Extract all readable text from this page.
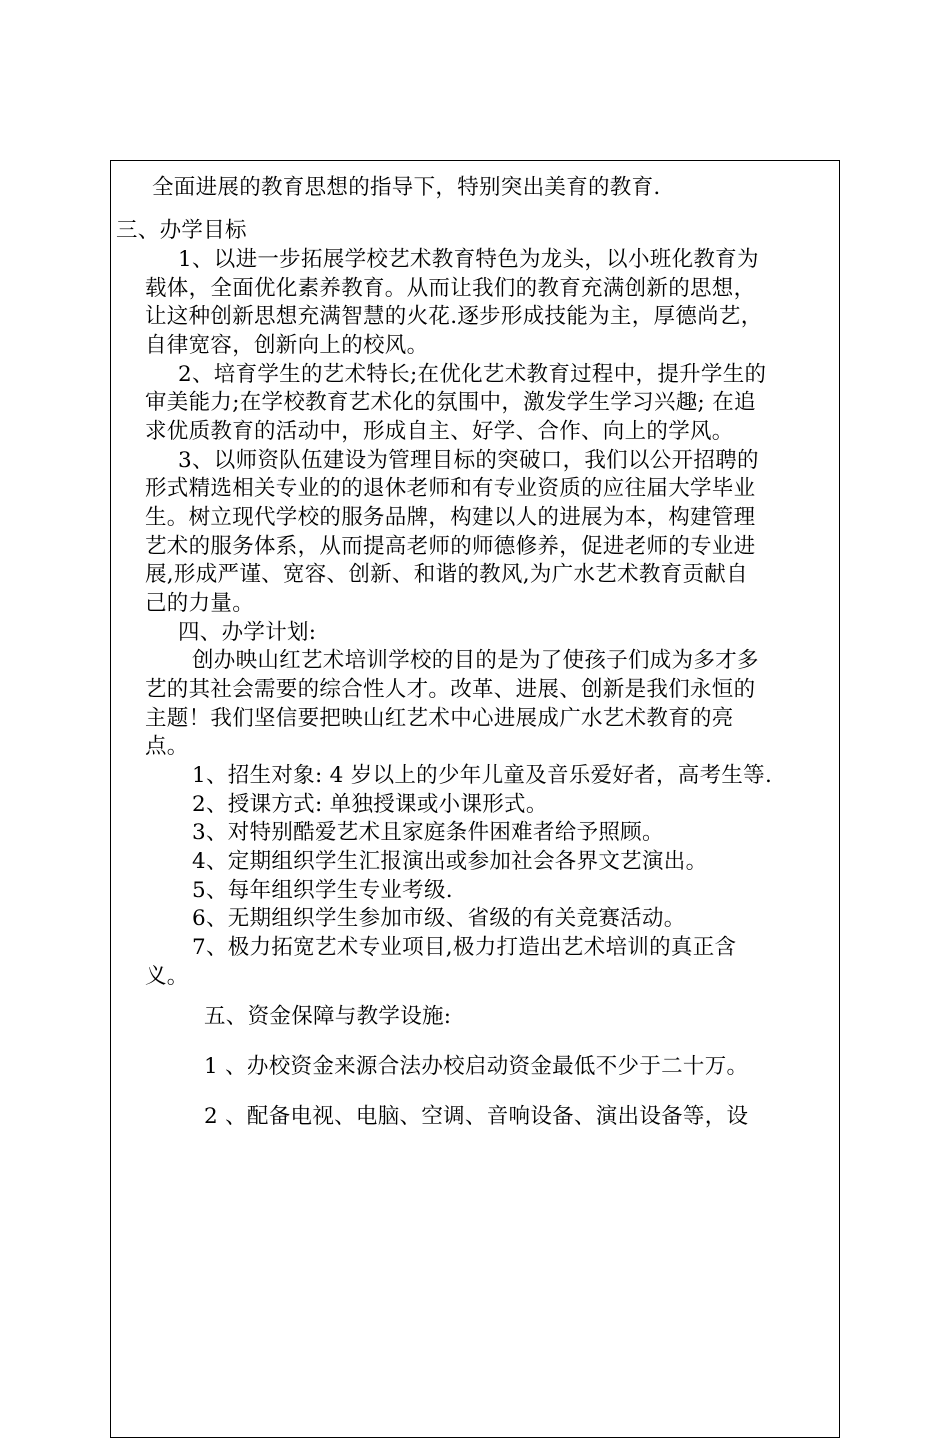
全面进展的教育思想的指导下，特别突出美育的教育.
三、办学目标
1、以进一步拓展学校艺术教育特色为龙头，以小班化教育为
载体，全面优化素养教育。从而让我们的教育充满创新的思想，
让这种创新思想充满智慧的火花.逐步形成技能为主，厚德尚艺，
自律宽容，创新向上的校风。
2、培育学生的艺术特长;在优化艺术教育过程中，提升学生的
审美能力;在学校教育艺术化的氛围中，激发学生学习兴趣; 在追
求优质教育的活动中，形成自主、好学、合作、向上的学风。
3、以师资队伍建设为管理目标的突破口，我们以公开招聘的
形式精选相关专业的的退休老师和有专业资质的应往届大学毕业
生。树立现代学校的服务品牌，构建以人的进展为本，构建管理
艺术的服务体系，从而提高老师的师德修养，促进老师的专业进
展,形成严谨、宽容、创新、和谐的教风,为广水艺术教育贡献自
己的力量。
四、办学计划:
创办映山红艺术培训学校的目的是为了使孩子们成为多才多
艺的其社会需要的综合性人才。改革、进展、创新是我们永恒的
主题！我们坚信要把映山红艺术中心进展成广水艺术教育的亮
点。
1、招生对象: 4 岁以上的少年儿童及音乐爱好者，高考生等.
2、授课方式: 单独授课或小课形式。
3、对特别酷爱艺术且家庭条件困难者给予照顾。
4、定期组织学生汇报演出或参加社会各界文艺演出。
5、每年组织学生专业考级.
6、无期组织学生参加市级、省级的有关竞赛活动。
7、极力拓宽艺术专业项目,极力打造出艺术培训的真正含
义。
五、资金保障与教学设施:
1 、办校资金来源合法办校启动资金最低不少于二十万。
2 、配备电视、电脑、空调、音响设备、演出设备等，设
